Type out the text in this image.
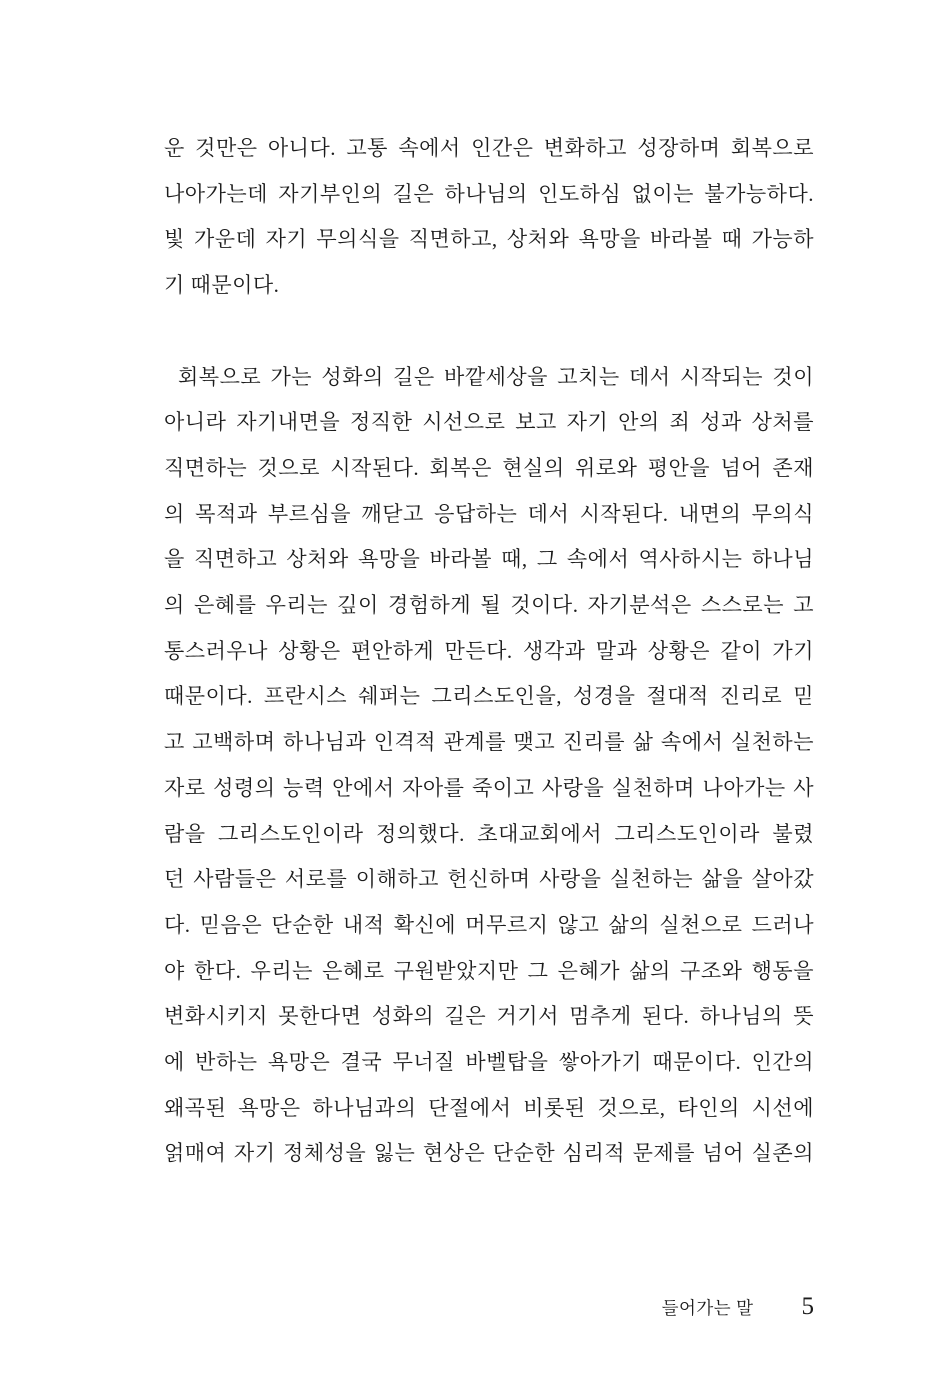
운 것만은 아니다. 고통 속에서 인간은 변화하고 성장하며 회복으로
나아가는데 자기부인의 길은 하나님의 인도하심 없이는 불가능하다.
빛 가운데 자기 무의식을 직면하고, 상처와 욕망을 바라볼 때 가능하
기 때문이다.
회복으로 가는 성화의 길은 바깥세상을 고치는 데서 시작되는 것이
아니라 자기내면을 정직한 시선으로 보고 자기 안의 죄 성과 상처를
직면하는 것으로 시작된다. 회복은 현실의 위로와 평안을 넘어 존재
의 목적과 부르심을 깨닫고 응답하는 데서 시작된다. 내면의 무의식
을 직면하고 상처와 욕망을 바라볼 때, 그 속에서 역사하시는 하나님
의 은혜를 우리는 깊이 경험하게 될 것이다. 자기분석은 스스로는 고
통스러우나 상황은 편안하게 만든다. 생각과 말과 상황은 같이 가기
때문이다. 프란시스 쉐퍼는 그리스도인을, 성경을 절대적 진리로 믿
고 고백하며 하나님과 인격적 관계를 맺고 진리를 삶 속에서 실천하는
자로 성령의 능력 안에서 자아를 죽이고 사랑을 실천하며 나아가는 사
람을 그리스도인이라 정의했다. 초대교회에서 그리스도인이라 불렸
던 사람들은 서로를 이해하고 헌신하며 사랑을 실천하는 삶을 살아갔
다. 믿음은 단순한 내적 확신에 머무르지 않고 삶의 실천으로 드러나
야 한다. 우리는 은혜로 구원받았지만 그 은혜가 삶의 구조와 행동을
변화시키지 못한다면 성화의 길은 거기서 멈추게 된다. 하나님의 뜻
에 반하는 욕망은 결국 무너질 바벨탑을 쌓아가기 때문이다. 인간의
왜곡된 욕망은 하나님과의 단절에서 비롯된 것으로, 타인의 시선에
얽매여 자기 정체성을 잃는 현상은 단순한 심리적 문제를 넘어 실존의
들어가는 말 5
